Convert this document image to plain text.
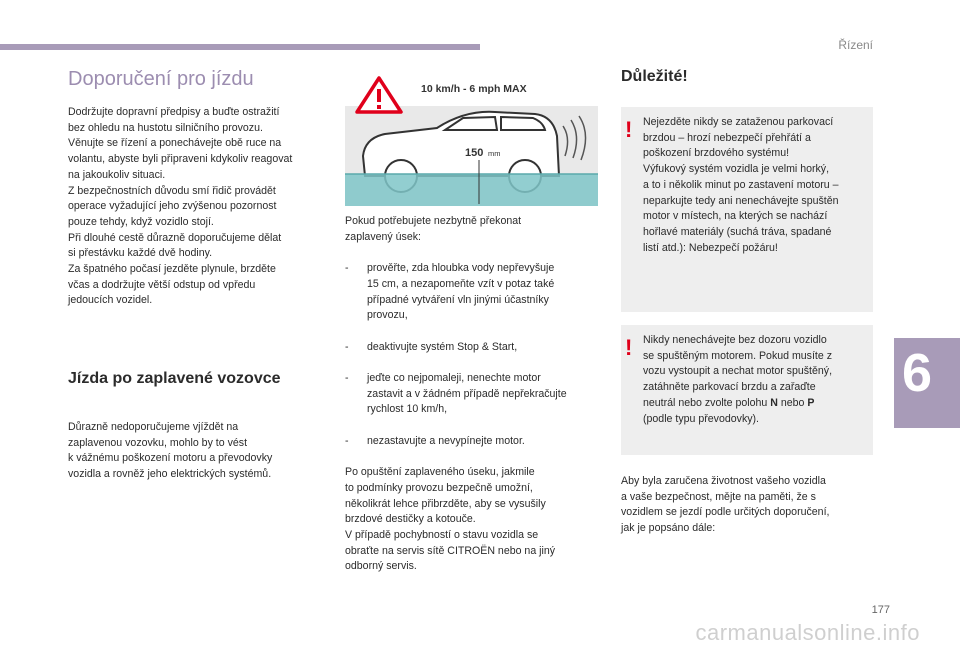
Řízení
6
Doporučení pro jízdu

Dodržujte dopravní předpisy a buďte ostražití
bez ohledu na hustotu silničního provozu.
Věnujte se řízení a ponechávejte obě ruce na
volantu, abyste byli připraveni kdykoliv reagovat
na jakoukoliv situaci.
Z bezpečnostních důvodu smí řidič provádět
operace vyžadující jeho zvýšenou pozornost
pouze tehdy, když vozidlo stojí.
Při dlouhé cestě důrazně doporučujeme dělat
si přestávku každé dvě hodiny.
Za špatného počasí jezděte plynule, brzděte
včas a dodržujte větší odstup od vpředu
jedoucích vozidel.

Jízda po zaplavené vozovce

Důrazně nedoporučujeme vjíždět na
zaplavenou vozovku, mohlo by to vést
k vážnému poškození motoru a převodovky
vozidla a rovněž jeho elektrických systémů.

10 km/h - 6 mph MAX
150 mm

Pokud potřebujete nezbytně překonat
zaplavený úsek:

-	prověřte, zda hloubka vody nepřevyšuje
15 cm, a nezapomeňte vzít v potaz také
případné vytváření vln jinými účastníky
provozu,

-	deaktivujte systém Stop & Start,

-	jeďte co nejpomaleji, nenechte motor
zastavit a v žádném případě nepřekračujte
rychlost 10 km/h,

-	nezastavujte a nevypínejte motor.

Po opuštění zaplaveného úseku, jakmile
to podmínky provozu bezpečně umožní,
několikrát lehce přibrzděte, aby se vysušily
brzdové destičky a kotouče.
V případě pochybností o stavu vozidla se
obraťte na servis sítě CITROËN nebo na jiný
odborný servis.

Důležité!
! Nejezděte nikdy se zataženou parkovací
brzdou – hrozí nebezpečí přehřátí a
poškození brzdového systému!
Výfukový systém vozidla je velmi horký,
a to i několik minut po zastavení motoru –
neparkujte tedy ani nenechávejte spuštěn
motor v místech, na kterých se nachází
hořlavé materiály (suchá tráva, spadané
listí atd.): Nebezpečí požáru!
! Nikdy nenechávejte bez dozoru vozidlo
se spuštěným motorem. Pokud musíte z
vozu vystoupit a nechat motor spuštěný,
zatáhněte parkovací brzdu a zařaďte
neutrál nebo zvolte polohu N nebo P
(podle typu převodovky).

Aby byla zaručena životnost vašeho vozidla
a vaše bezpečnost, mějte na paměti, že s
vozidlem se jezdí podle určitých doporučení,
jak je popsáno dále:

177
carmanualsonline.info
